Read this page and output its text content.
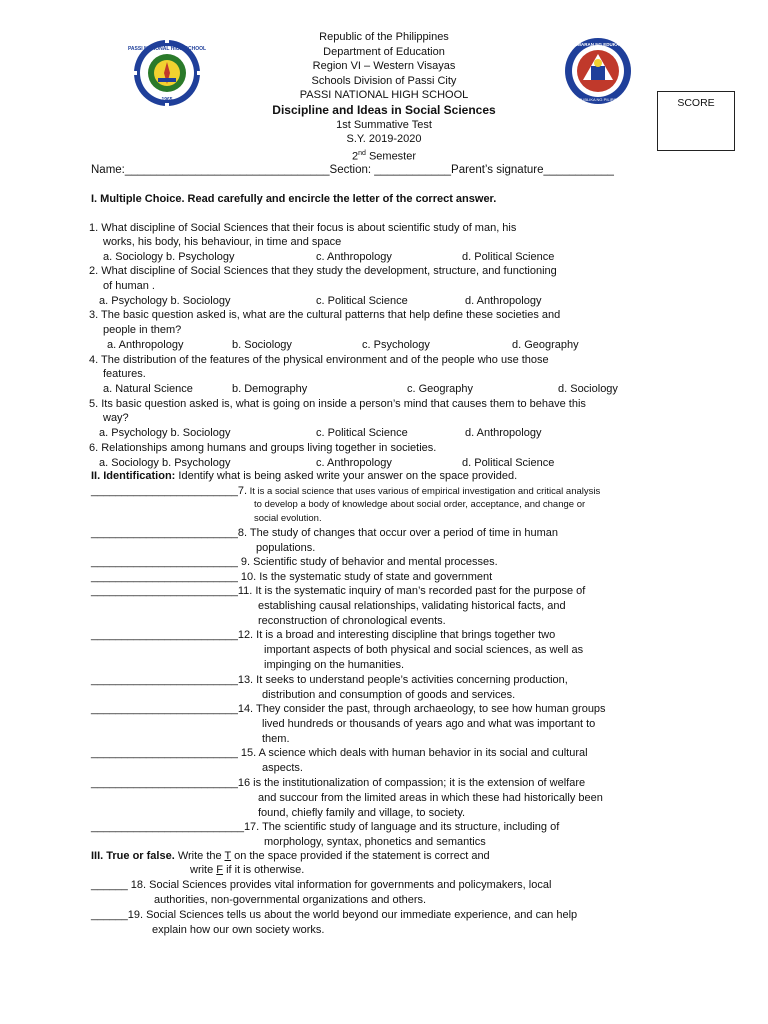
PASSI NATIONAL HIGH SCHOOL
1965
KAGAWARAN NG EDUKASYON
REPUBLIKA NG PILIPINAS
Republic of the Philippines
Department of Education
Region VI – Western Visayas
Schools Division of Passi City
PASSI NATIONAL HIGH SCHOOL
Discipline and Ideas in Social Sciences
1st Summative Test
S.Y. 2019-2020
2nd Semester
SCORE
Name:________________________________Section: ____________Parent’s signature___________
I. Multiple Choice. Read carefully and encircle the letter of the correct answer.
1. What discipline of Social Sciences that their focus is about scientific study of man, his
works, his body, his behaviour, in time and space
a. Sociology b. Psychology	c. Anthropology	d. Political Science
2. What discipline of Social Sciences that they study the development, structure, and functioning
of human .
a. Psychology b. Sociology	c. Political Science	d. Anthropology
3. The basic question asked is, what are the cultural patterns that help define these societies and
people in them?
a. Anthropology	b. Sociology	c. Psychology	d. Geography
4. The distribution of the features of the physical environment and of the people who use those
features.
a. Natural Science	b. Demography	c. Geography	d. Sociology
5. Its basic question asked is, what is going on inside a person’s mind that causes them to behave this
way?
a. Psychology b. Sociology	c. Political Science	d. Anthropology
6. Relationships among humans and groups living together in societies.
a. Sociology b. Psychology	c. Anthropology	d. Political Science
II. Identification: Identify what is being asked write your answer on the space provided.
________________________7. It is a social science that uses various of empirical investigation and critical analysis
to develop a body of knowledge about social order, acceptance, and change or
social evolution.
________________________8. The study of changes that occur over a period of time in human
populations.
________________________ 9. Scientific study of behavior and mental processes.
________________________ 10. Is the systematic study of state and government
________________________11. It is the systematic inquiry of man’s recorded past for the purpose of
establishing causal relationships, validating historical facts, and
reconstruction of chronological events.
________________________12. It is a broad and interesting discipline that brings together two
important aspects of both physical and social sciences, as well as
impinging on the humanities.
________________________13. It seeks to understand people’s activities concerning production,
distribution and consumption of goods and services.
________________________14. They consider the past, through archaeology, to see how human groups
lived hundreds or thousands of years ago and what was important to
them.
________________________ 15. A science which deals with human behavior in its social and cultural
aspects.
________________________16 is the institutionalization of compassion; it is the extension of welfare
and succour from the limited areas in which these had historically been
found, chiefly family and village, to society.
_________________________17. The scientific study of language and its structure, including of
morphology, syntax, phonetics and semantics
III. True or false. Write the T on the space provided if the statement is correct and
write F if it is otherwise.
______ 18. Social Sciences provides vital information for governments and policymakers, local
authorities, non-governmental organizations and others.
______19. Social Sciences tells us about the world beyond our immediate experience, and can help
explain how our own society works.
